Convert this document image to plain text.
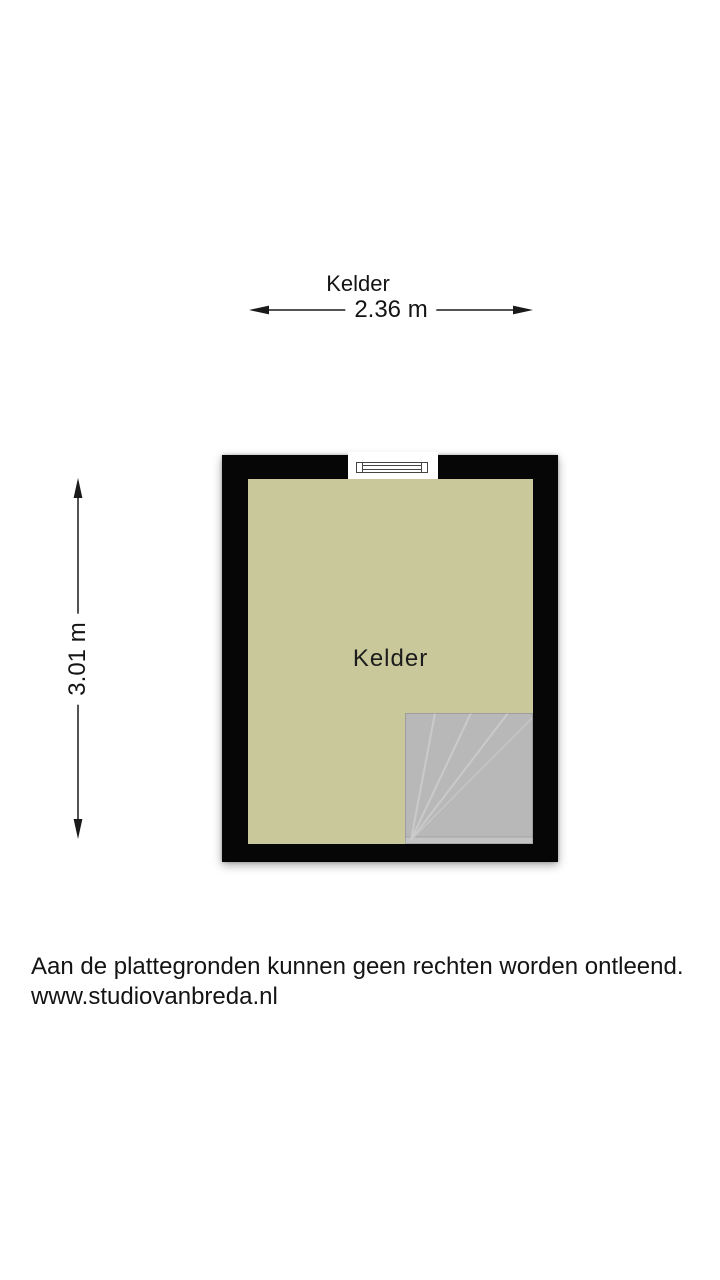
Kelder
2.36 m
3.01 m	Kelder
Aan de plattegronden kunnen geen rechten worden ontleend.
www.studiovanbreda.nl
